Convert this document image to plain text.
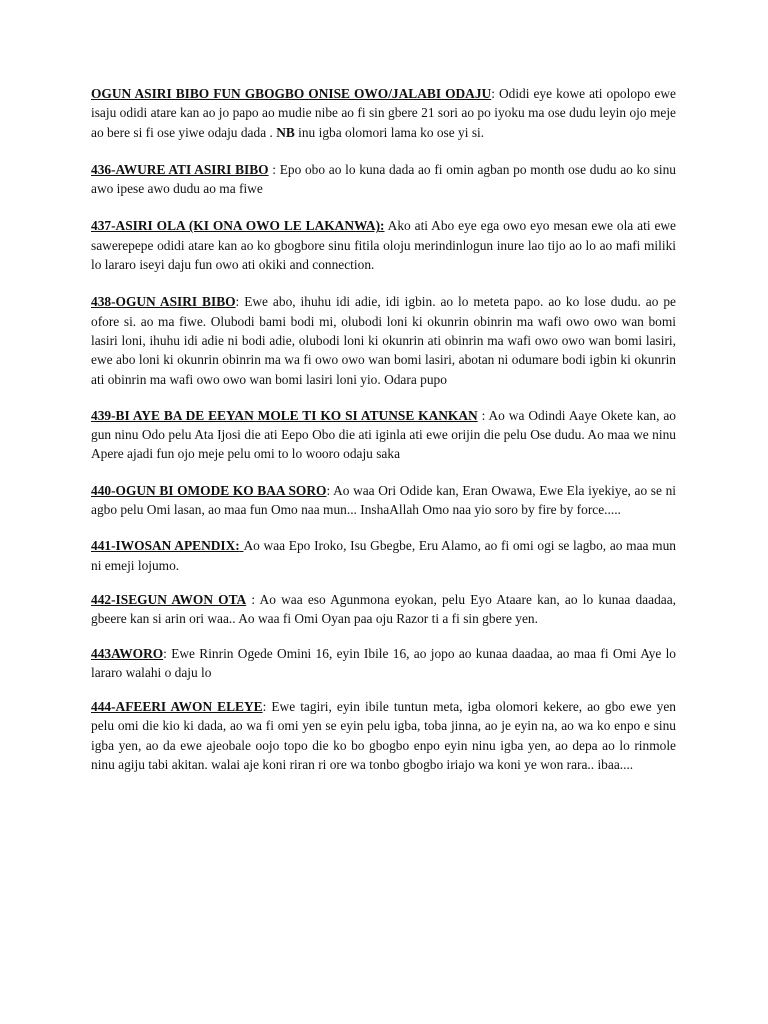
OGUN ASIRI BIBO FUN GBOGBO ONISE OWO/JALABI ODAJU: Odidi eye kowe ati opolopo ewe isaju odidi atare kan ao jo papo ao mudie nibe ao fi sin gbere 21 sori ao po iyoku ma ose dudu leyin ojo meje ao bere si fi ose yiwe odaju dada . NB inu igba olomori lama ko ose yi si.

436-AWURE ATI ASIRI BIBO : Epo obo ao lo kuna dada ao fi omin agban po month ose dudu ao ko sinu awo ipese awo dudu ao ma fiwe

437-ASIRI OLA (KI ONA OWO LE LAKANWA): Ako ati Abo eye ega owo eyo mesan ewe ola ati ewe sawerepepe odidi atare kan ao ko gbogbore sinu fitila oloju merindinlogun inure lao tijo ao lo ao mafi miliki lo lararo iseyi daju fun owo ati okiki and connection.

438-OGUN ASIRI BIBO: Ewe abo, ihuhu idi adie, idi igbin. ao lo meteta papo. ao ko lose dudu. ao pe ofore si. ao ma fiwe. Olubodi bami bodi mi, olubodi loni ki okunrin obinrin ma wafi owo owo wan bomi lasiri loni, ihuhu idi adie ni bodi adie, olubodi loni ki okunrin ati obinrin ma wafi owo owo wan bomi lasiri, ewe abo loni ki okunrin obinrin ma wa fi owo owo wan bomi lasiri, abotan ni odumare bodi igbin ki okunrin ati obinrin ma wafi owo owo wan bomi lasiri loni yio. Odara pupo

439-BI AYE BA DE EEYAN MOLE TI KO SI ATUNSE KANKAN : Ao wa Odindi Aaye Okete kan, ao gun ninu Odo pelu Ata Ijosi die ati Eepo Obo die ati iginla ati ewe orijin die pelu Ose dudu. Ao maa we ninu Apere ajadi fun ojo meje pelu omi to lo wooro odaju saka

440-OGUN BI OMODE KO BAA SORO: Ao waa Ori Odide kan, Eran Owawa, Ewe Ela iyekiye, ao se ni agbo pelu Omi lasan, ao maa fun Omo naa mun... InshaAllah Omo naa yio soro by fire by force.....

441-IWOSAN APENDIX: Ao waa Epo Iroko, Isu Gbegbe, Eru Alamo, ao fi omi ogi se lagbo, ao maa mun ni emeji lojumo.

442-ISEGUN AWON OTA : Ao waa eso Agunmona eyokan, pelu Eyo Ataare kan, ao lo kunaa daadaa, gbeere kan si arin ori waa.. Ao waa fi Omi Oyan paa oju Razor ti a fi sin gbere yen.

443AWORO: Ewe Rinrin Ogede Omini 16, eyin Ibile 16, ao jopo ao kunaa daadaa, ao maa fi Omi Aye lo lararo walahi o daju lo

444-AFEERI AWON ELEYE: Ewe tagiri, eyin ibile tuntun meta, igba olomori kekere, ao gbo ewe yen pelu omi die kio ki dada, ao wa fi omi yen se eyin pelu igba, toba jinna, ao je eyin na, ao wa ko enpo e sinu igba yen, ao da ewe ajeobale oojo topo die ko bo gbogbo enpo eyin ninu igba yen, ao depa ao lo rinmole ninu agiju tabi akitan. walai aje koni riran ri ore wa tonbo gbogbo iriajo wa koni ye won rara.. ibaa....
